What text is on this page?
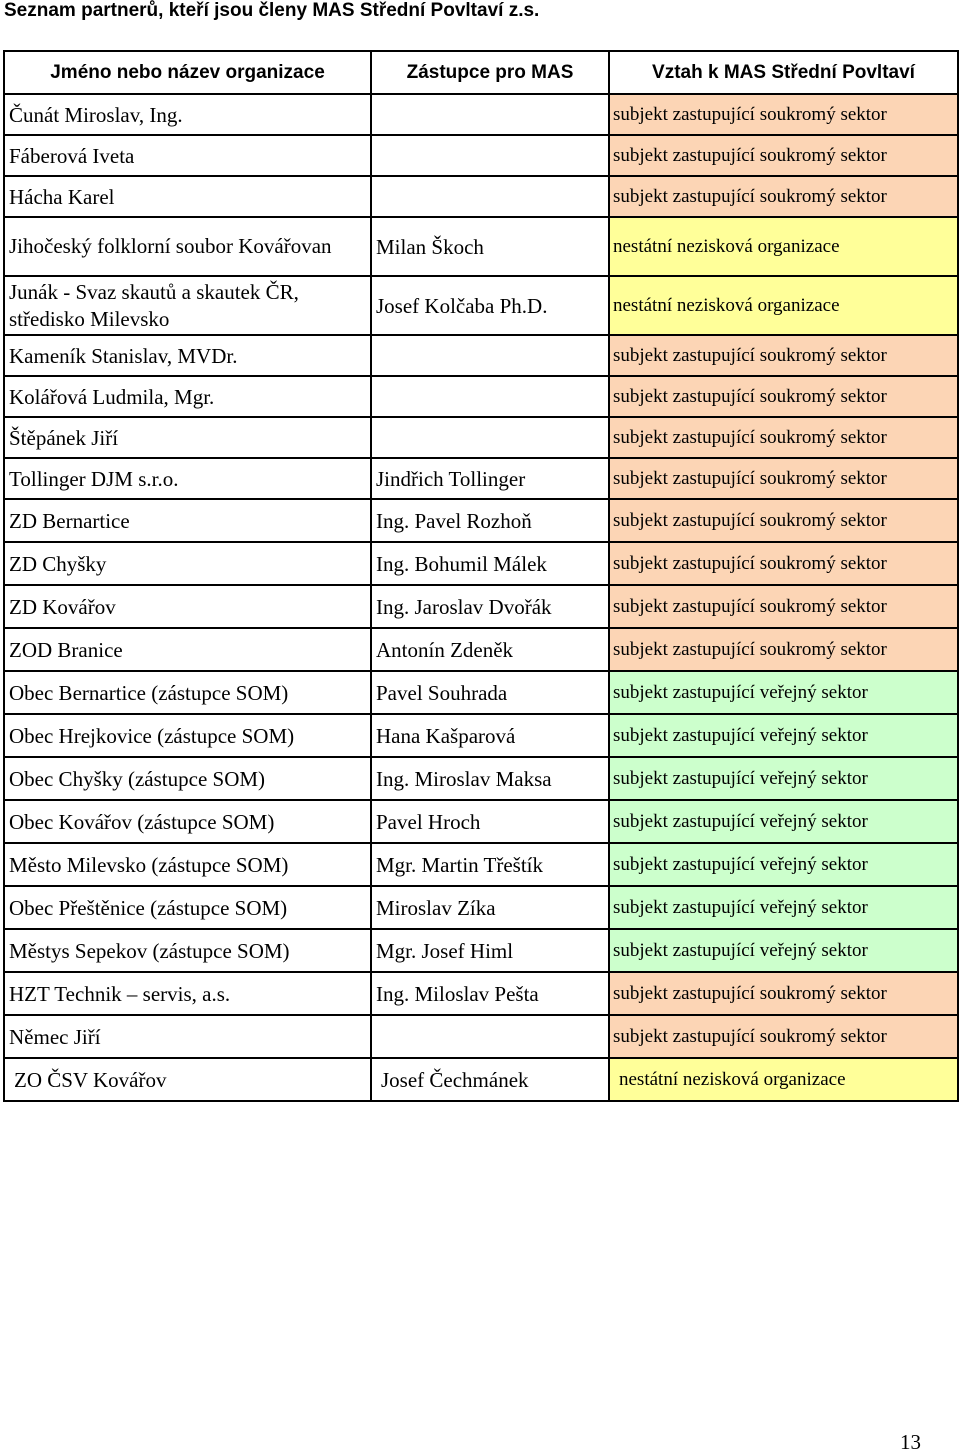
Seznam partnerů, kteří jsou členy MAS Střední Povltaví z.s.
Jméno nebo název organizace	Zástupce pro MAS	Vztah k MAS Střední Povltaví
Čunát Miroslav, Ing.		subjekt zastupující soukromý sektor
Fáberová Iveta		subjekt zastupující soukromý sektor
Hácha Karel		subjekt zastupující soukromý sektor
Jihočeský folklorní soubor Kovářovan	Milan Škoch	nestátní nezisková organizace
Junák - Svaz skautů a skautek ČR, středisko Milevsko	Josef Kolčaba Ph.D.	nestátní nezisková organizace
Kameník Stanislav, MVDr.		subjekt zastupující soukromý sektor
Kolářová Ludmila, Mgr.		subjekt zastupující soukromý sektor
Štěpánek Jiří		subjekt zastupující soukromý sektor
Tollinger DJM s.r.o.	Jindřich Tollinger	subjekt zastupující soukromý sektor
ZD Bernartice	Ing. Pavel Rozhoň	subjekt zastupující soukromý sektor
ZD Chyšky	Ing. Bohumil Málek	subjekt zastupující soukromý sektor
ZD Kovářov	Ing. Jaroslav Dvořák	subjekt zastupující soukromý sektor
ZOD Branice	Antonín Zdeněk	subjekt zastupující soukromý sektor
Obec Bernartice (zástupce SOM)	Pavel Souhrada	subjekt zastupující veřejný sektor
Obec Hrejkovice (zástupce SOM)	Hana Kašparová	subjekt zastupující veřejný sektor
Obec Chyšky (zástupce SOM)	Ing. Miroslav Maksa	subjekt zastupující veřejný sektor
Obec Kovářov (zástupce SOM)	Pavel Hroch	subjekt zastupující veřejný sektor
Město Milevsko (zástupce SOM)	Mgr. Martin Třeštík	subjekt zastupující veřejný sektor
Obec Přeštěnice (zástupce SOM)	Miroslav Zíka	subjekt zastupující veřejný sektor
Městys Sepekov (zástupce SOM)	Mgr. Josef Himl	subjekt zastupující veřejný sektor
HZT Technik – servis, a.s.	Ing. Miloslav Pešta	subjekt zastupující soukromý sektor
Němec Jiří		subjekt zastupující soukromý sektor
ZO ČSV Kovářov	Josef Čechmánek	nestátní nezisková organizace
13
